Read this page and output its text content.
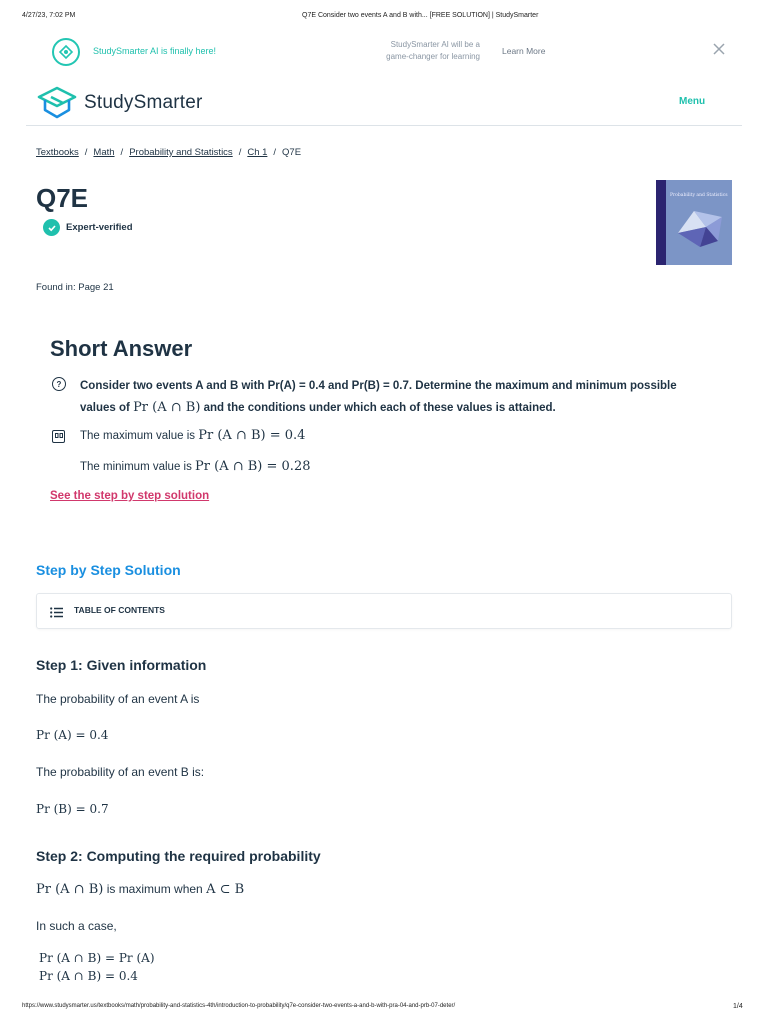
4/27/23, 7:02 PM	Q7E Consider two events A and B with... [FREE SOLUTION] | StudySmarter
StudySmarter AI is finally here!
StudySmarter AI will be a
game-changer for learning
Learn More
StudySmarter	Menu
Textbooks / Math / Probability and Statistics / Ch 1 / Q7E
Q7E
Expert-verified
Probability and Statistics
Found in: Page 21
Short Answer
?	Consider two events A and B with Pr(A) = 0.4 and Pr(B) = 0.7. Determine the maximum and minimum possible values of Pr (A ∩ B) and the conditions under which each of these values is attained.
The maximum value is Pr (A ∩ B) = 0.4
The minimum value is Pr (A ∩ B) = 0.28
See the step by step solution
Step by Step Solution
TABLE OF CONTENTS
Step 1: Given information
The probability of an event A is
Pr (A) = 0.4
The probability of an event B is:
Pr (B) = 0.7
Step 2: Computing the required probability
Pr (A ∩ B) is maximum when A ⊂ B
In such a case,
Pr (A ∩ B) = Pr (A)
Pr (A ∩ B) = 0.4
https://www.studysmarter.us/textbooks/math/probability-and-statistics-4th/introduction-to-probability/q7e-consider-two-events-a-and-b-with-pra-04-and-prb-07-deter/	1/4
